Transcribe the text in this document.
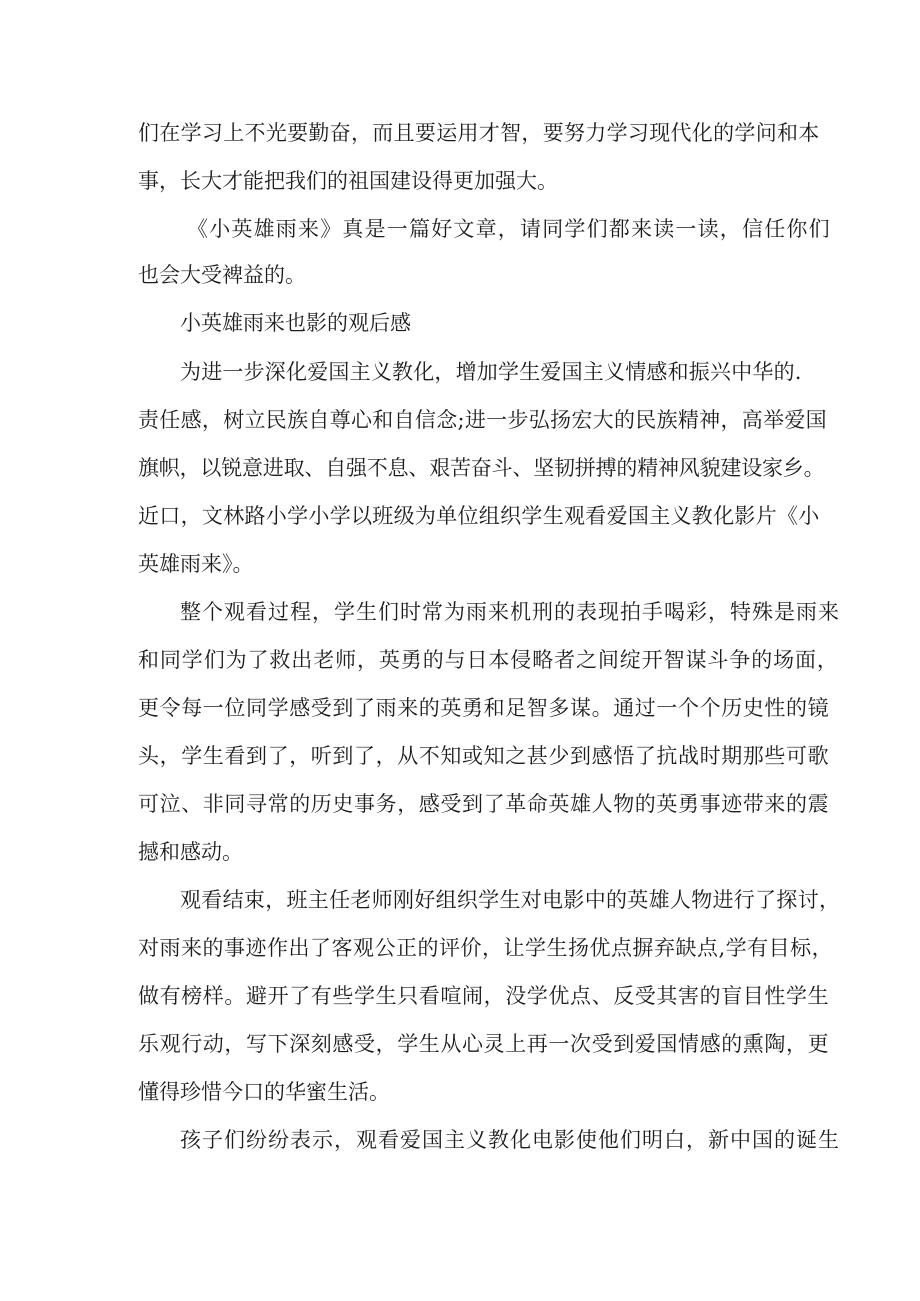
们在学习上不光要勤奋，而且要运用才智，要努力学习现代化的学问和本
事，长大才能把我们的祖国建设得更加强大。
《小英雄雨来》真是一篇好文章，请同学们都来读一读，信任你们
也会大受裨益的。
小英雄雨来也影的观后感
为进一步深化爱国主义教化，增加学生爱国主义情感和振兴中华的.
责任感，树立民族自尊心和自信念;进一步弘扬宏大的民族精神，高举爱国
旗帜，以锐意进取、自强不息、艰苦奋斗、坚韧拼搏的精神风貌建设家乡。
近口，文林路小学小学以班级为单位组织学生观看爱国主义教化影片《小
英雄雨来》。
整个观看过程，学生们时常为雨来机刑的表现拍手喝彩，特殊是雨来
和同学们为了救出老师，英勇的与日本侵略者之间绽开智谋斗争的场面，
更令每一位同学感受到了雨来的英勇和足智多谋。通过一个个历史性的镜
头，学生看到了，听到了，从不知或知之甚少到感悟了抗战时期那些可歌
可泣、非同寻常的历史事务，感受到了革命英雄人物的英勇事迹带来的震
撼和感动。
观看结束，班主任老师刚好组织学生对电影中的英雄人物进行了探讨，
对雨来的事迹作出了客观公正的评价，让学生扬优点摒弃缺点,学有目标，
做有榜样。避开了有些学生只看喧闹，没学优点、反受其害的盲目性学生
乐观行动，写下深刻感受，学生从心灵上再一次受到爱国情感的熏陶，更
懂得珍惜今口的华蜜生活。
孩子们纷纷表示，观看爱国主义教化电影使他们明白，新中国的诞生
